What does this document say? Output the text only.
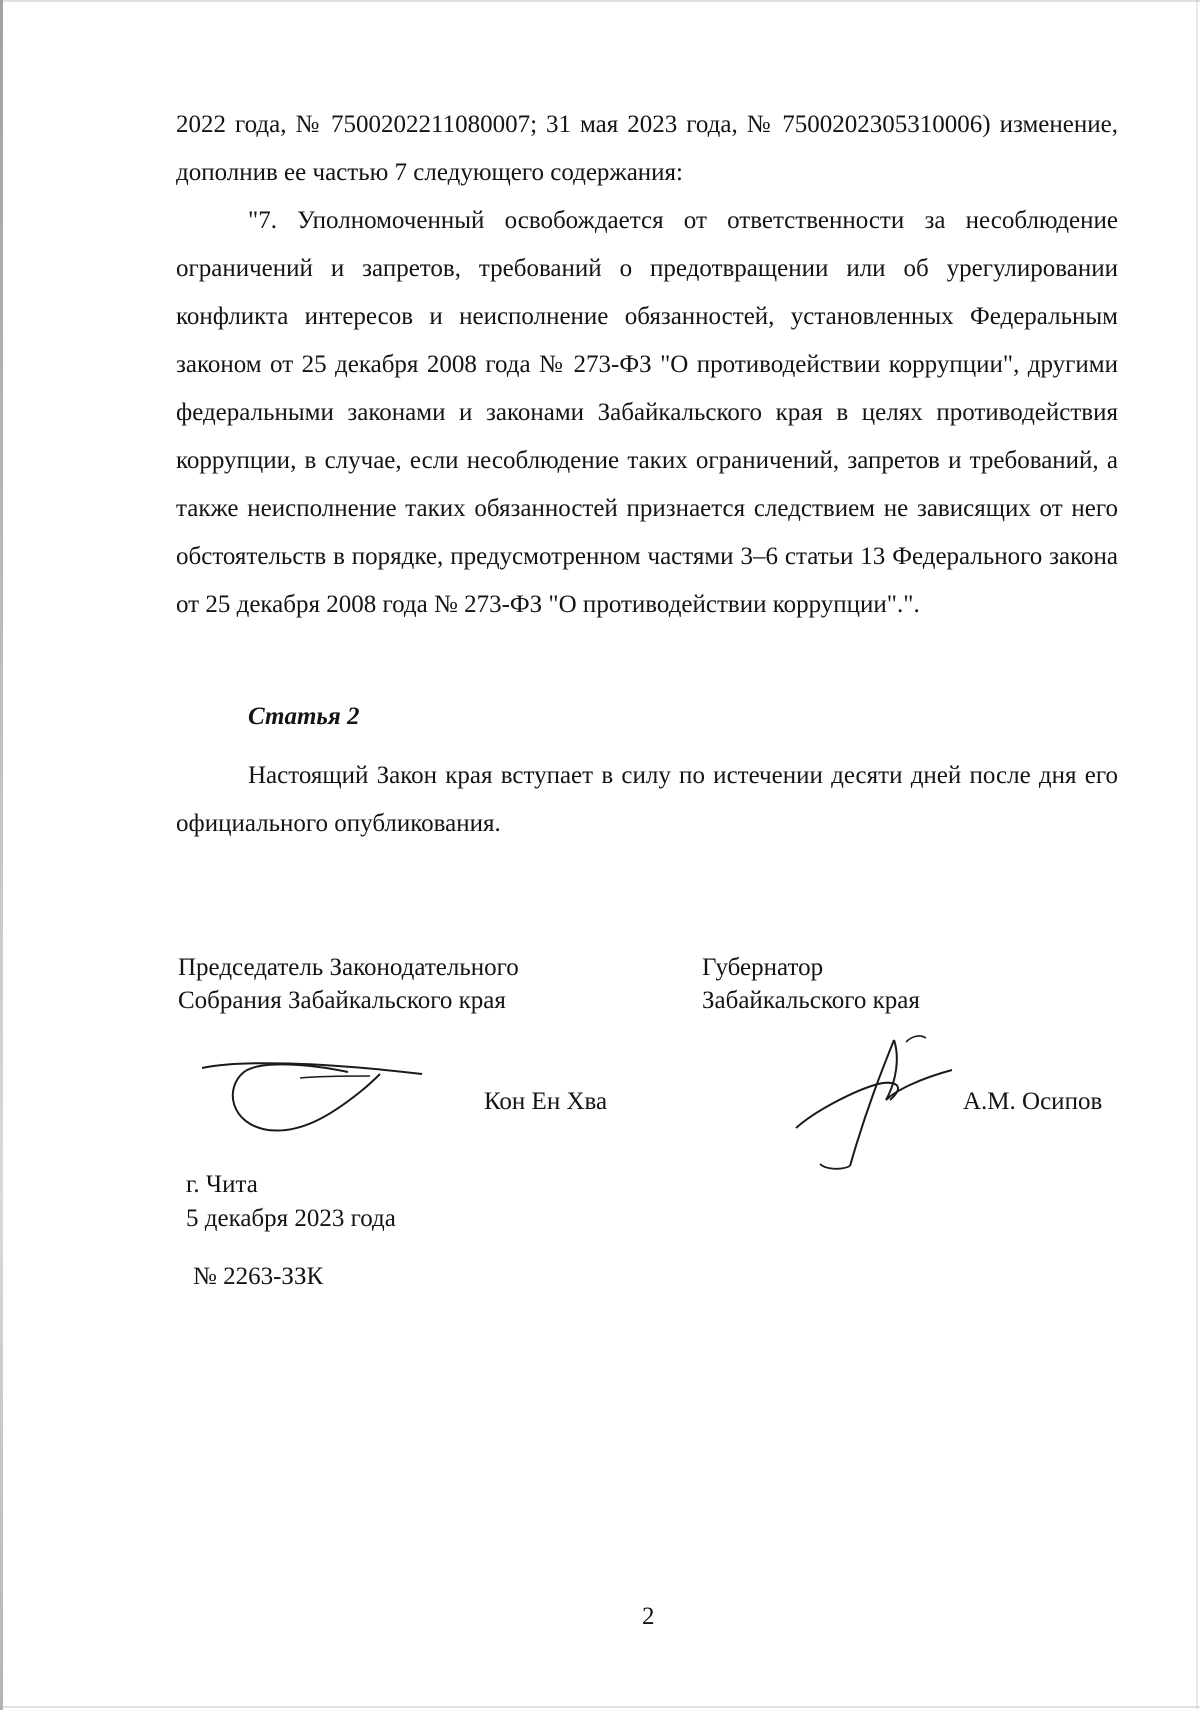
2022 года, № 7500202211080007; 31 мая 2023 года, № 7500202305310006) изменение, дополнив ее частью 7 следующего содержания:

"7. Уполномоченный освобождается от ответственности за несоблюдение ограничений и запретов, требований о предотвращении или об урегулировании конфликта интересов и неисполнение обязанностей, установленных Федеральным законом от 25 декабря 2008 года № 273-ФЗ "О противодействии коррупции", другими федеральными законами и законами Забайкальского края в целях противодействия коррупции, в случае, если несоблюдение таких ограничений, запретов и требований, а также неисполнение таких обязанностей признается следствием не зависящих от него обстоятельств в порядке, предусмотренном частями 3–6 статьи 13 Федерального закона от 25 декабря 2008 года № 273-ФЗ "О противодействии коррупции".".

Статья 2

Настоящий Закон края вступает в силу по истечении десяти дней после дня его официального опубликования.

Председатель Законодательного
Собрания Забайкальского края
Губернатор
Забайкальского края

Кон Ен Хва	А.М. Осипов

г. Чита
5 декабря 2023 года

№ 2263-ЗЗК

2
